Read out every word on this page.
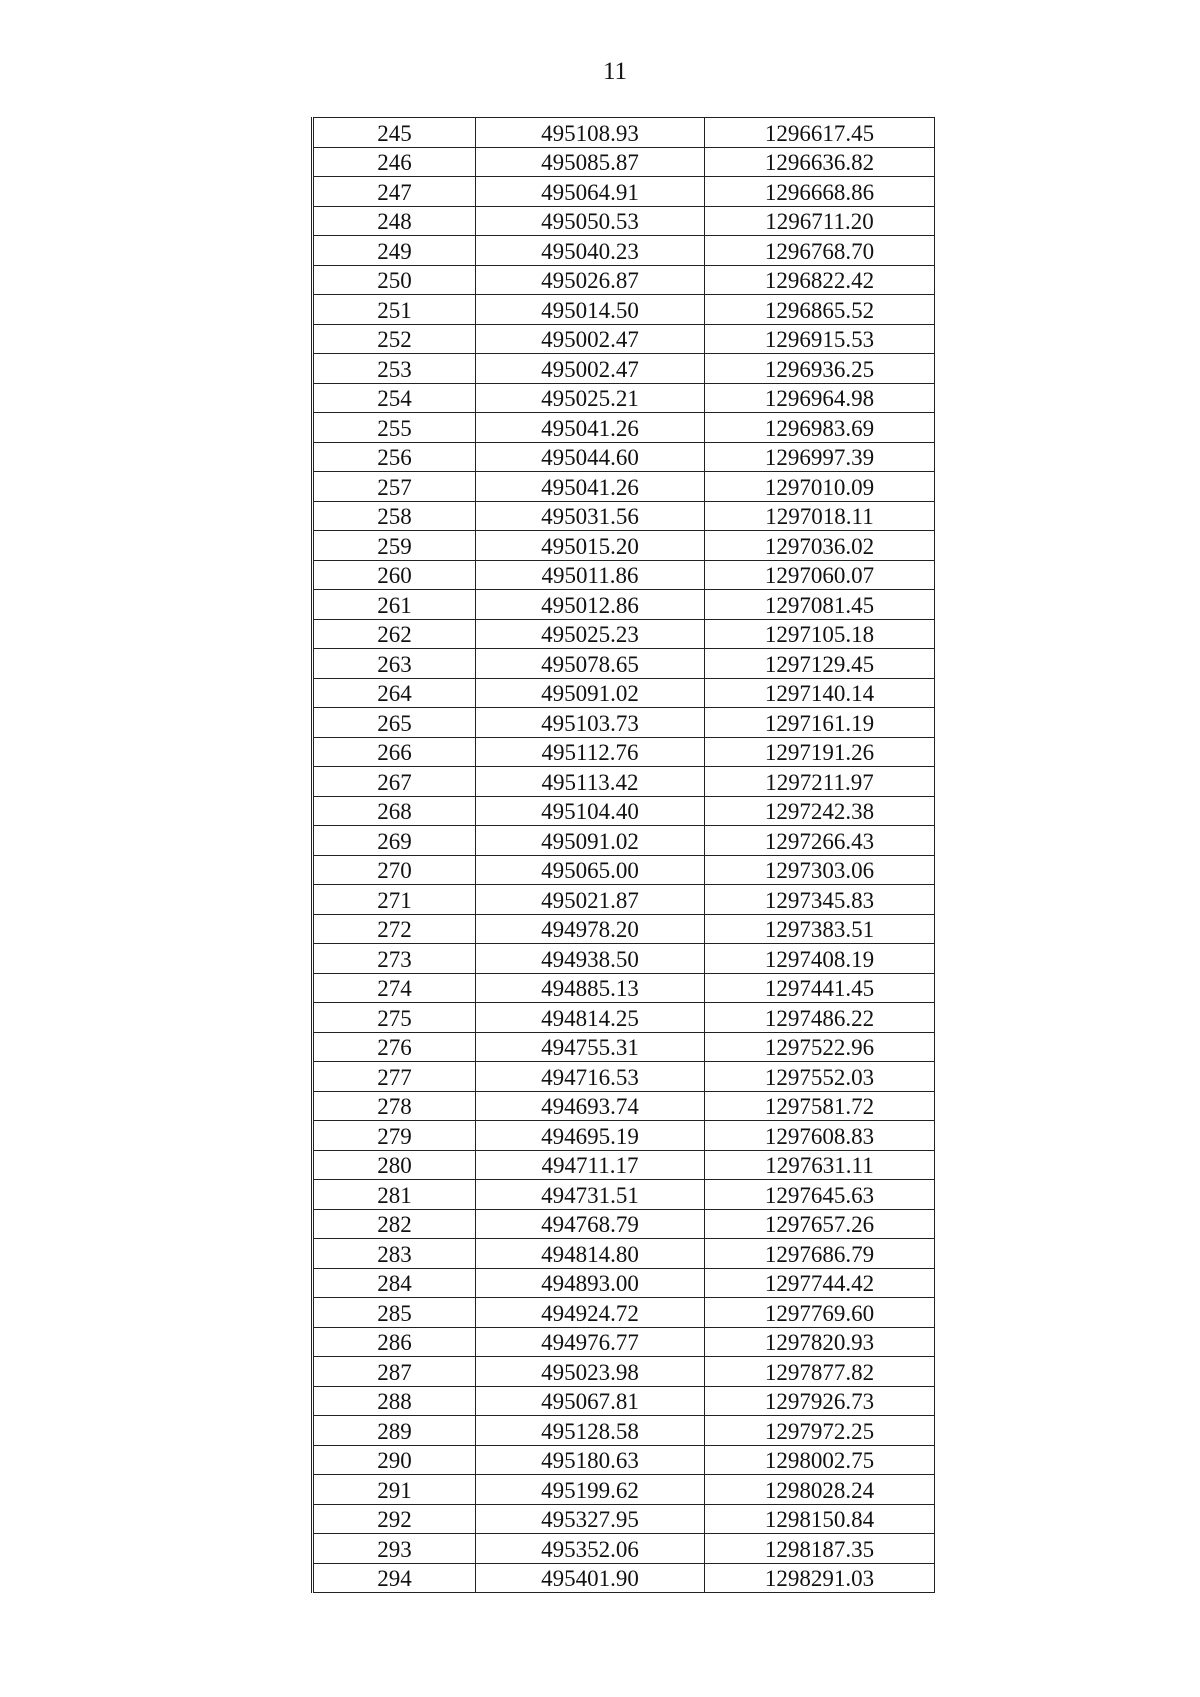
11
245	495108.93	1296617.45
246	495085.87	1296636.82
247	495064.91	1296668.86
248	495050.53	1296711.20
249	495040.23	1296768.70
250	495026.87	1296822.42
251	495014.50	1296865.52
252	495002.47	1296915.53
253	495002.47	1296936.25
254	495025.21	1296964.98
255	495041.26	1296983.69
256	495044.60	1296997.39
257	495041.26	1297010.09
258	495031.56	1297018.11
259	495015.20	1297036.02
260	495011.86	1297060.07
261	495012.86	1297081.45
262	495025.23	1297105.18
263	495078.65	1297129.45
264	495091.02	1297140.14
265	495103.73	1297161.19
266	495112.76	1297191.26
267	495113.42	1297211.97
268	495104.40	1297242.38
269	495091.02	1297266.43
270	495065.00	1297303.06
271	495021.87	1297345.83
272	494978.20	1297383.51
273	494938.50	1297408.19
274	494885.13	1297441.45
275	494814.25	1297486.22
276	494755.31	1297522.96
277	494716.53	1297552.03
278	494693.74	1297581.72
279	494695.19	1297608.83
280	494711.17	1297631.11
281	494731.51	1297645.63
282	494768.79	1297657.26
283	494814.80	1297686.79
284	494893.00	1297744.42
285	494924.72	1297769.60
286	494976.77	1297820.93
287	495023.98	1297877.82
288	495067.81	1297926.73
289	495128.58	1297972.25
290	495180.63	1298002.75
291	495199.62	1298028.24
292	495327.95	1298150.84
293	495352.06	1298187.35
294	495401.90	1298291.03
